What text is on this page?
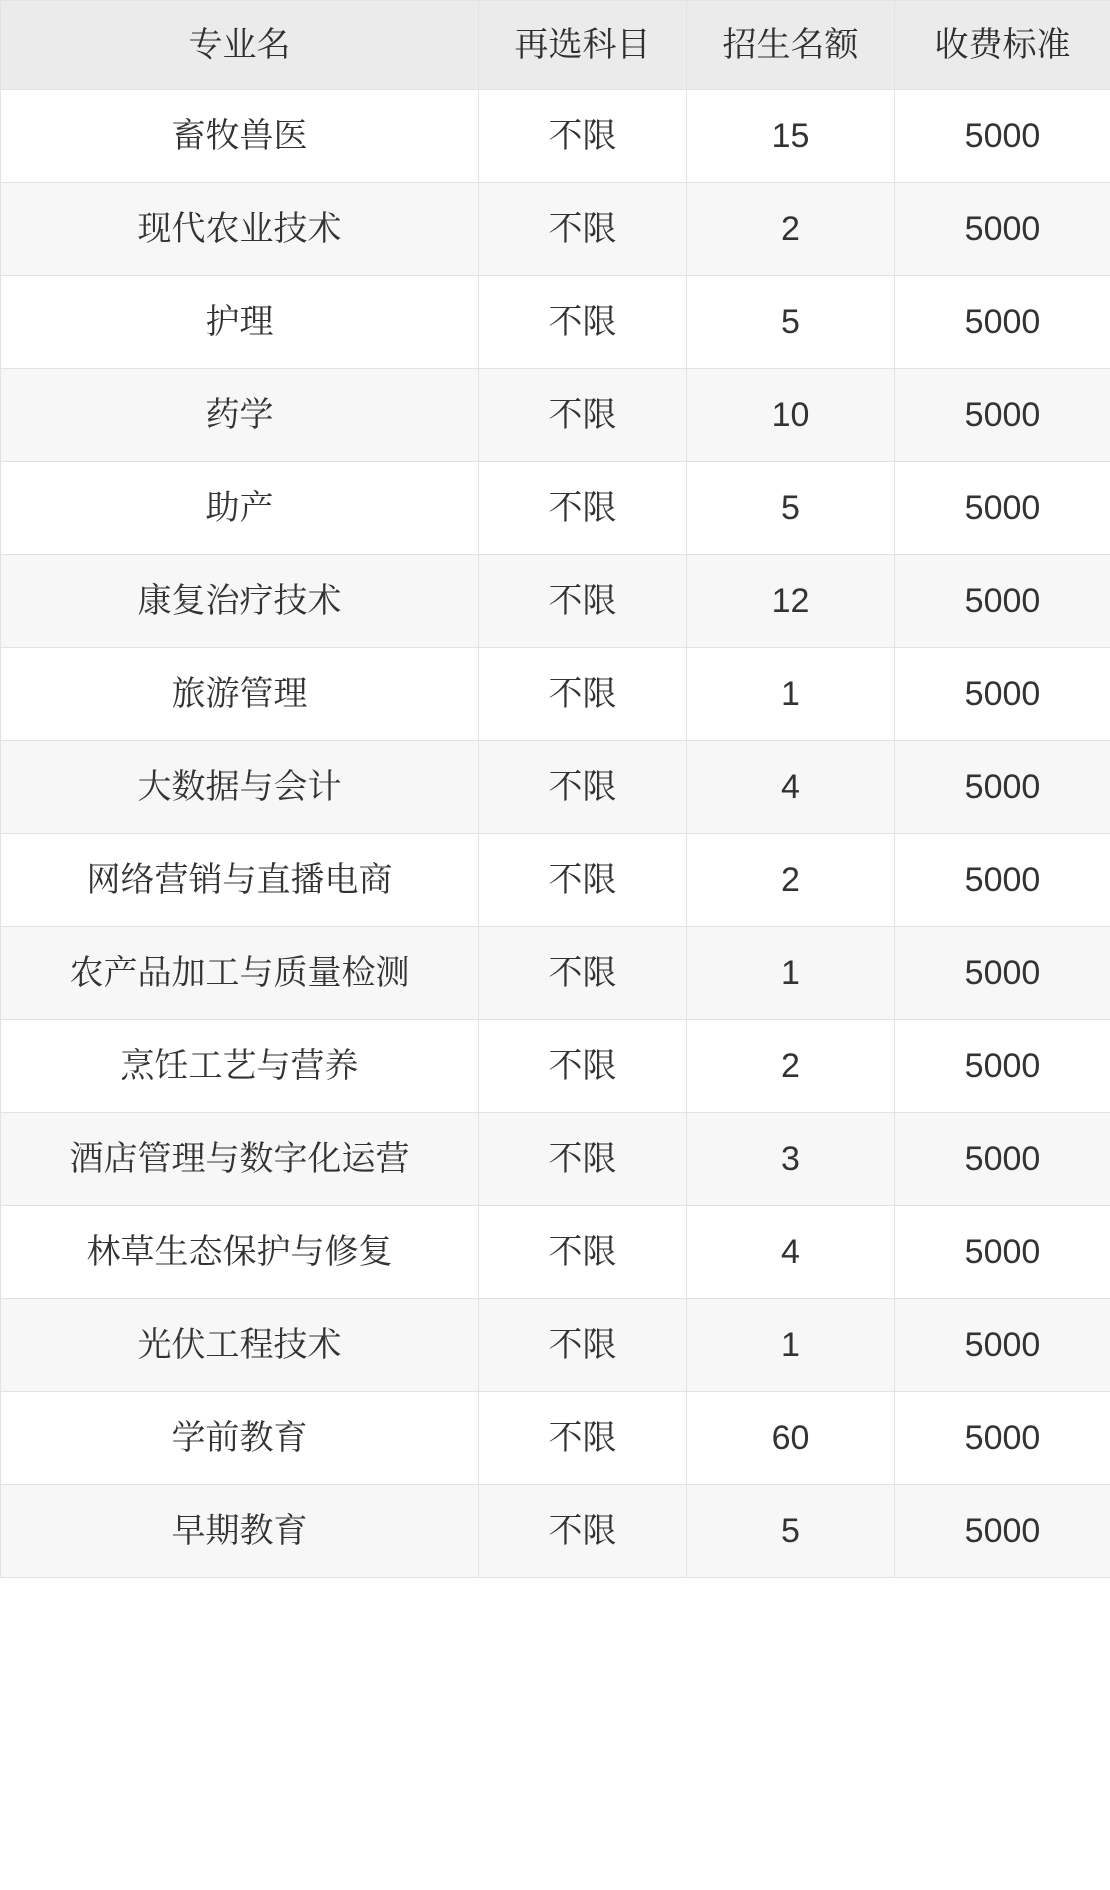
专业名	再选科目	招生名额	收费标准
畜牧兽医	不限	15	5000
现代农业技术	不限	2	5000
护理	不限	5	5000
药学	不限	10	5000
助产	不限	5	5000
康复治疗技术	不限	12	5000
旅游管理	不限	1	5000
大数据与会计	不限	4	5000
网络营销与直播电商	不限	2	5000
农产品加工与质量检测	不限	1	5000
烹饪工艺与营养	不限	2	5000
酒店管理与数字化运营	不限	3	5000
林草生态保护与修复	不限	4	5000
光伏工程技术	不限	1	5000
学前教育	不限	60	5000
早期教育	不限	5	5000
